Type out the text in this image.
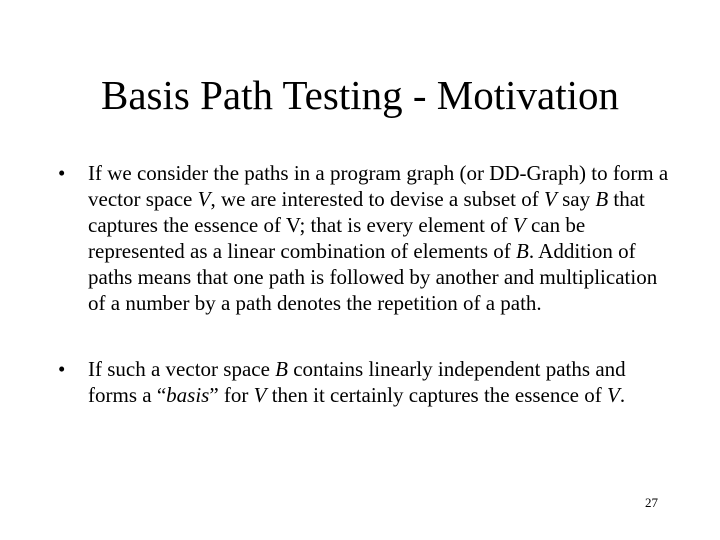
Basis Path Testing - Motivation
• If we consider the paths in a program graph (or DD-Graph) to form a vector space V, we are interested to devise a subset of V say B that captures the essence of V; that is every element of V can be represented as a linear combination of elements of B. Addition of paths means that one path is followed by another and multiplication of a number by a path denotes the repetition of a path.
• If such a vector space B contains linearly independent paths and forms a “basis” for V then it certainly captures the essence of V.
27
